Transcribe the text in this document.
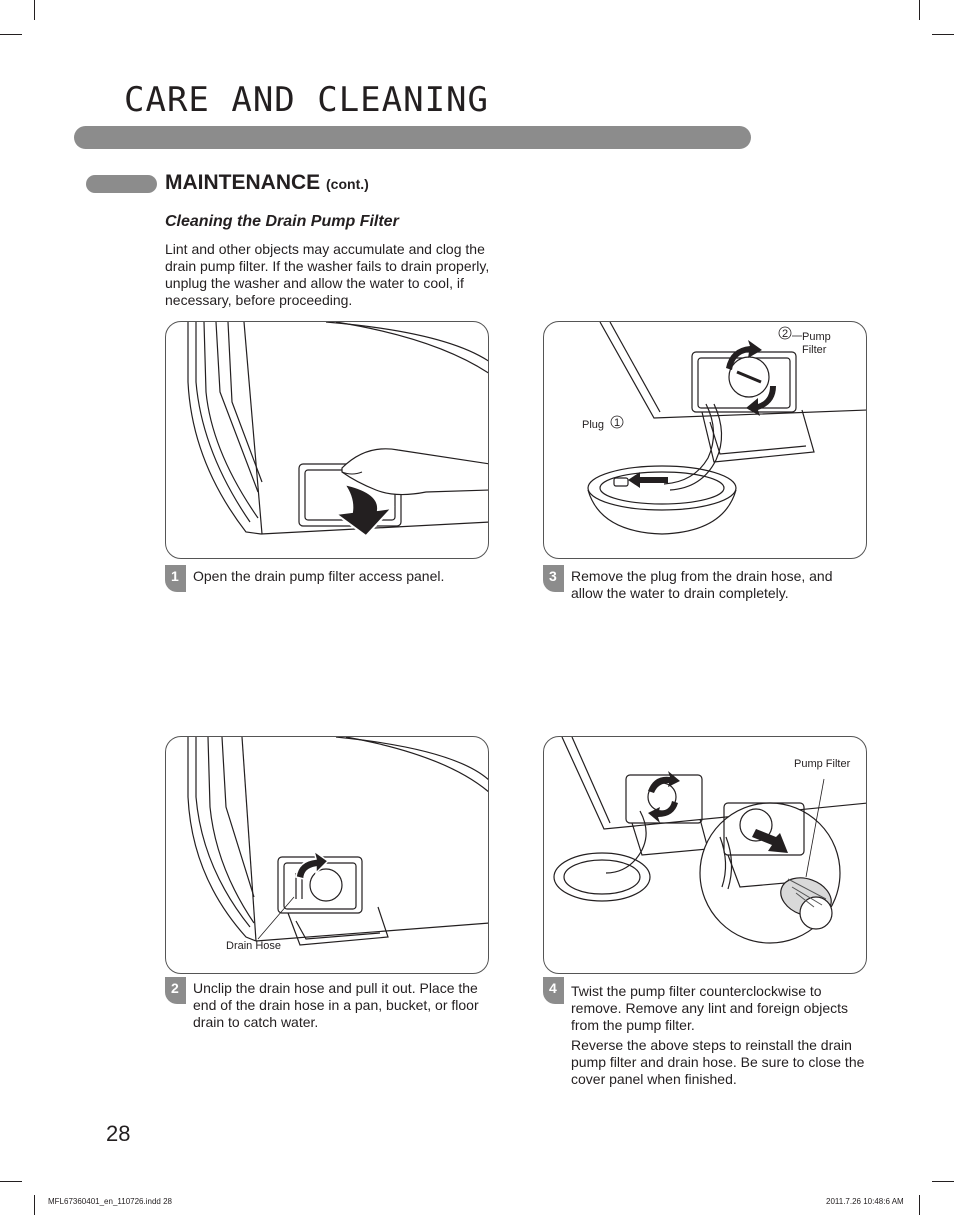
CARE AND CLEANING
MAINTENANCE (cont.)
Cleaning the Drain Pump Filter

Lint and other objects may accumulate and clog the drain pump filter. If the washer fails to drain properly, unplug the washer and allow the water to cool, if necessary, before proceeding.

1	Open the drain pump filter access panel.

2
1
Plug
Pump
Filter
3	Remove the plug from the drain hose, and allow the water to drain completely.

Drain Hose
2	Unclip the drain hose and pull it out. Place the end of the drain hose in a pan, bucket, or floor drain to catch water.

Pump Filter
4	Twist the pump filter counterclockwise to remove. Remove any lint and foreign objects from the pump filter.

Reverse the above steps to reinstall the drain pump filter and drain hose. Be sure to close the cover panel when finished.

28
MFL67360401_en_110726.indd 28	2011.7.26 10:48:6 AM
